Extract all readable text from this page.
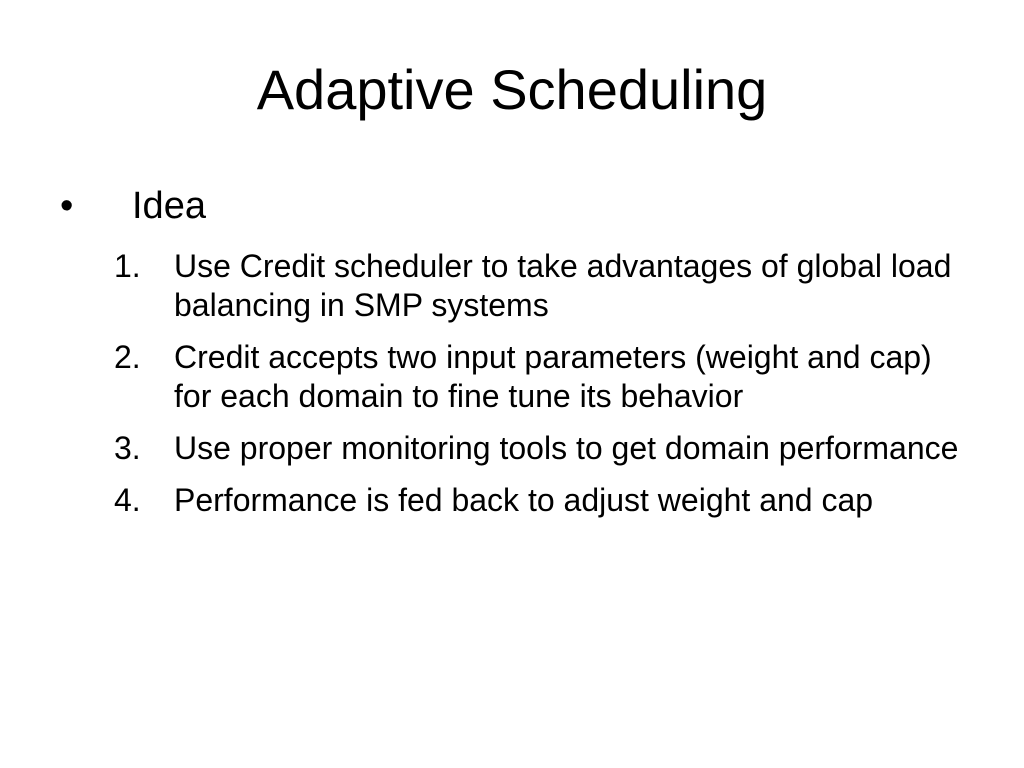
Adaptive Scheduling
•	Idea
1.	Use Credit scheduler to take advantages of global load balancing in SMP systems
2.	Credit accepts two input parameters (weight and cap) for each domain to fine tune its behavior
3.	Use proper monitoring tools to get domain performance
4.	Performance is fed back to adjust weight and cap
